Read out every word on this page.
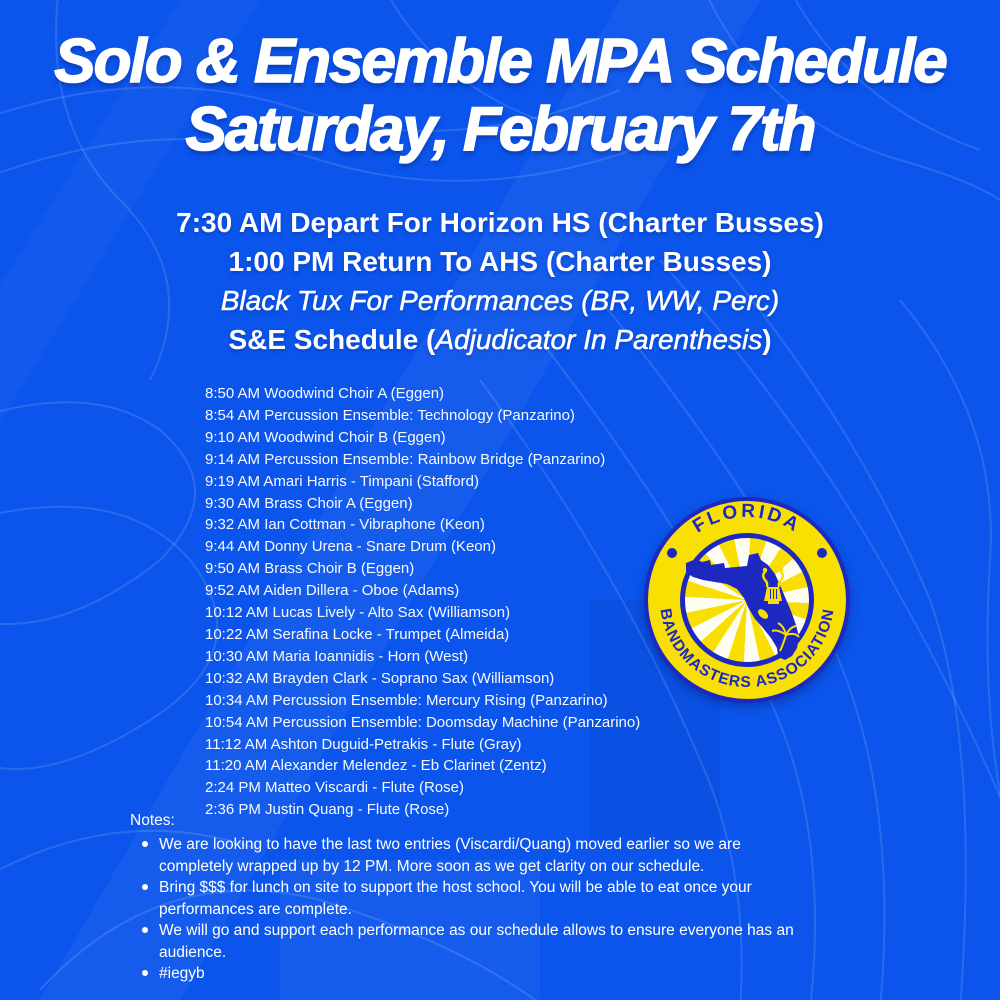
Solo & Ensemble MPA Schedule
Saturday, February 7th
7:30 AM Depart For Horizon HS (Charter Busses)
1:00 PM Return To AHS (Charter Busses)
Black Tux For Performances (BR, WW, Perc)
S&E Schedule (Adjudicator In Parenthesis)
8:50 AM Woodwind Choir A (Eggen)
8:54 AM Percussion Ensemble: Technology (Panzarino)
9:10 AM Woodwind Choir B (Eggen)
9:14 AM Percussion Ensemble: Rainbow Bridge (Panzarino)
9:19 AM Amari Harris - Timpani (Stafford)
9:30 AM Brass Choir A (Eggen)
9:32 AM Ian Cottman - Vibraphone (Keon)
9:44 AM Donny Urena - Snare Drum (Keon)
9:50 AM Brass Choir B (Eggen)
9:52 AM Aiden Dillera - Oboe (Adams)
10:12 AM Lucas Lively - Alto Sax (Williamson)
10:22 AM Serafina Locke - Trumpet (Almeida)
10:30 AM Maria Ioannidis - Horn (West)
10:32 AM Brayden Clark - Soprano Sax (Williamson)
10:34 AM Percussion Ensemble: Mercury Rising (Panzarino)
10:54 AM Percussion Ensemble: Doomsday Machine (Panzarino)
11:12 AM Ashton Duguid-Petrakis - Flute (Gray)
11:20 AM Alexander Melendez - Eb Clarinet (Zentz)
2:24 PM Matteo Viscardi - Flute (Rose)
2:36 PM Justin Quang - Flute (Rose)
FLORIDA
BANDMASTERS ASSOCIATION
Notes:
We are looking to have the last two entries (Viscardi/Quang) moved earlier so we are completely wrapped up by 12 PM. More soon as we get clarity on our schedule.
Bring $$$ for lunch on site to support the host school. You will be able to eat once your performances are complete.
We will go and support each performance as our schedule allows to ensure everyone has an audience.
#iegyb
